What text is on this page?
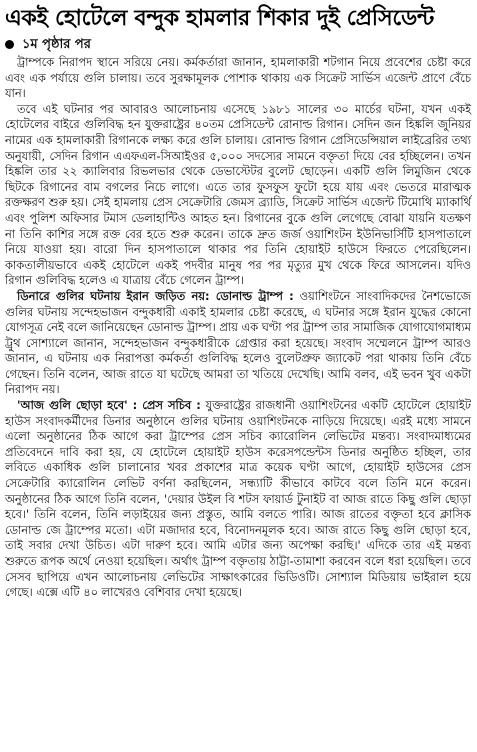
একই হোটেলে বন্দুক হামলার শিকার দুই প্রেসিডেন্ট
১ম পৃষ্ঠার পর

ট্রাম্পকে নিরাপদ স্থানে সরিয়ে নেয়। কর্মকর্তারা জানান, হামলাকারী শটগান নিয়ে প্রবেশের চেষ্টা করে এবং এক পর্যায়ে গুলি চালায়। তবে সুরক্ষামূলক পোশাক থাকায় এক সিক্রেট সার্ভিস এজেন্ট প্রাণে বেঁচে যান।

তবে এই ঘটনার পর আবারও আলোচনায় এসেছে ১৯৮১ সালের ৩০ মার্চের ঘটনা, যখন একই হোটেলের বাইরে গুলিবিদ্ধ হন যুক্তরাষ্ট্রের ৪০তম প্রেসিডেন্ট রোনাল্ড রিগান। সেদিন জন হিঙ্কলি জুনিয়র নামের এক হামলাকারী রিগানকে লক্ষ্য করে গুলি চালায়। রোনাল্ড রিগান প্রেসিডেন্সিয়াল লাইব্রেরির তথ্য অনুযায়ী, সেদিন রিগান এএফএল-সিআইওর ৫,০০০ সদস্যের সামনে বক্তৃতা দিয়ে বের হচ্ছিলেন। তখন হিঙ্কলি তার ২২ ক্যালিবার রিভলভার থেকে ডেভাস্টেটর বুলেট ছোড়েন। একটি গুলি লিমুজিন থেকে ছিটকে রিগানের বাম বগলের নিচে লাগে। এতে তার ফুসফুস ফুটো হয়ে যায় এবং ভেতরে মারাত্মক রক্তক্ষরণ শুরু হয়। সেই হামলায় প্রেস সেক্রেটারি জেমস ব্র্যাডি, সিক্রেট সার্ভিস এজেন্ট টিমোথি ম্যাকার্থি এবং পুলিশ অফিসার টমাস ডেলাহান্টিও আহত হন। রিগানের বুকে গুলি লেগেছে বোঝা যায়নি যতক্ষণ না তিনি কাশির সঙ্গে রক্ত বের হতে শুরু করেন। তাকে দ্রুত জর্জ ওয়াশিংটন ইউনিভার্সিটি হাসপাতালে নিয়ে যাওয়া হয়। বারো দিন হাসপাতালে থাকার পর তিনি হোয়াইট হাউসে ফিরতে পেরেছিলেন। কাকতালীয়ভাবে একই হোটেলে একই পদবীর মানুষ পর পর মৃত্যুর মুখ থেকে ফিরে আসলেন। যদিও রিগান গুলিবিদ্ধ হলেও এ যাত্রায় বেঁচে গেলেন ট্রাম্প।

ডিনারে গুলির ঘটনায় ইরান জড়িত নয়: ডোনাল্ড ট্রাম্প : ওয়াশিংটনে সাংবাদিকদের নৈশভোজে গুলির ঘটনায় সন্দেহভাজন বন্দুকধারী একাই হামলার চেষ্টা করেছে, এ ঘটনার সঙ্গে ইরান যুদ্ধের কোনো যোগসূত্র নেই বলে জানিয়েছেন ডোনাল্ড ট্রাম্প। প্রায় এক ঘণ্টা পর ট্রাম্প তার সামাজিক যোগাযোগমাধ্যম ট্রুথ সোশ্যালে জানান, সন্দেহভাজন বন্দুকধারীকে গ্রেপ্তার করা হয়েছে। সংবাদ সম্মেলনে ট্রাম্প আরও জানান, এ ঘটনায় এক নিরাপত্তা কর্মকর্তা গুলিবিদ্ধ হলেও বুলেটপ্রুফ জ্যাকেট পরা থাকায় তিনি বেঁচে গেছেন। তিনি বলেন, আজ রাতে যা ঘটেছে আমরা তা খতিয়ে দেখেছি। আমি বলব, এই ভবন খুব একটা নিরাপদ নয়।

'আজ গুলি ছোড়া হবে' : প্রেস সচিব : যুক্তরাষ্ট্রের রাজধানী ওয়াশিংটনের একটি হোটেলে হোয়াইট হাউস সংবাদকর্মীদের ডিনার অনুষ্ঠানে গুলির ঘটনায় ওয়াশিংটনকে নাড়িয়ে দিয়েছে। এরই মধ্যে সামনে এলো অনুষ্ঠানের ঠিক আগে করা ট্রাম্পের প্রেস সচিব ক্যারোলিন লেভিটের মন্তব্য। সংবাদমাধ্যমের প্রতিবেদনে দাবি করা হয়, যে হোটেলে হোয়াইট হাউস করেসপন্ডেন্টস ডিনার অনুষ্ঠিত হচ্ছিল, তার লবিতে একাধিক গুলি চালানোর খবর প্রকাশের মাত্র কয়েক ঘণ্টা আগে, হোয়াইট হাউসের প্রেস সেক্রেটারি ক্যারোলিন লেভিট বর্ণনা করছিলেন, সন্ধ্যাটি কীভাবে কাটবে বলে তিনি মনে করেন। অনুষ্ঠানের ঠিক আগে তিনি বলেন, 'দেয়ার উইল বি শটস ফায়ার্ড টুনাইট বা আজ রাতে কিছু গুলি ছোড়া হবে।' তিনি বলেন, তিনি লড়াইয়ের জন্য প্রস্তুত, আমি বলতে পারি। আজ রাতের বক্তৃতা হবে ক্লাসিক ডোনাল্ড জে ট্রাম্পের মতো। এটা মজাদার হবে, বিনোদনমূলক হবে। আজ রাতে কিছু গুলি ছোড়া হবে, তাই সবার দেখা উচিত। এটা দারুণ হবে। আমি এটার জন্য অপেক্ষা করছি।' এদিকে তার এই মন্তব্য শুরুতে রূপক অর্থে নেওয়া হয়েছিল। অর্থাৎ ট্রাম্প বক্তৃতায় ঠাট্টা-তামাশা করবেন বলে ধরা হয়েছিল। তবে সেসব ছাপিয়ে এখন আলোচনায় লেভিটের সাক্ষাৎকারের ভিডিওটি। সোশ্যাল মিডিয়ায় ভাইরাল হয়ে গেছে। এক্সে এটি ৪০ লাখেরও বেশিবার দেখা হয়েছে।
